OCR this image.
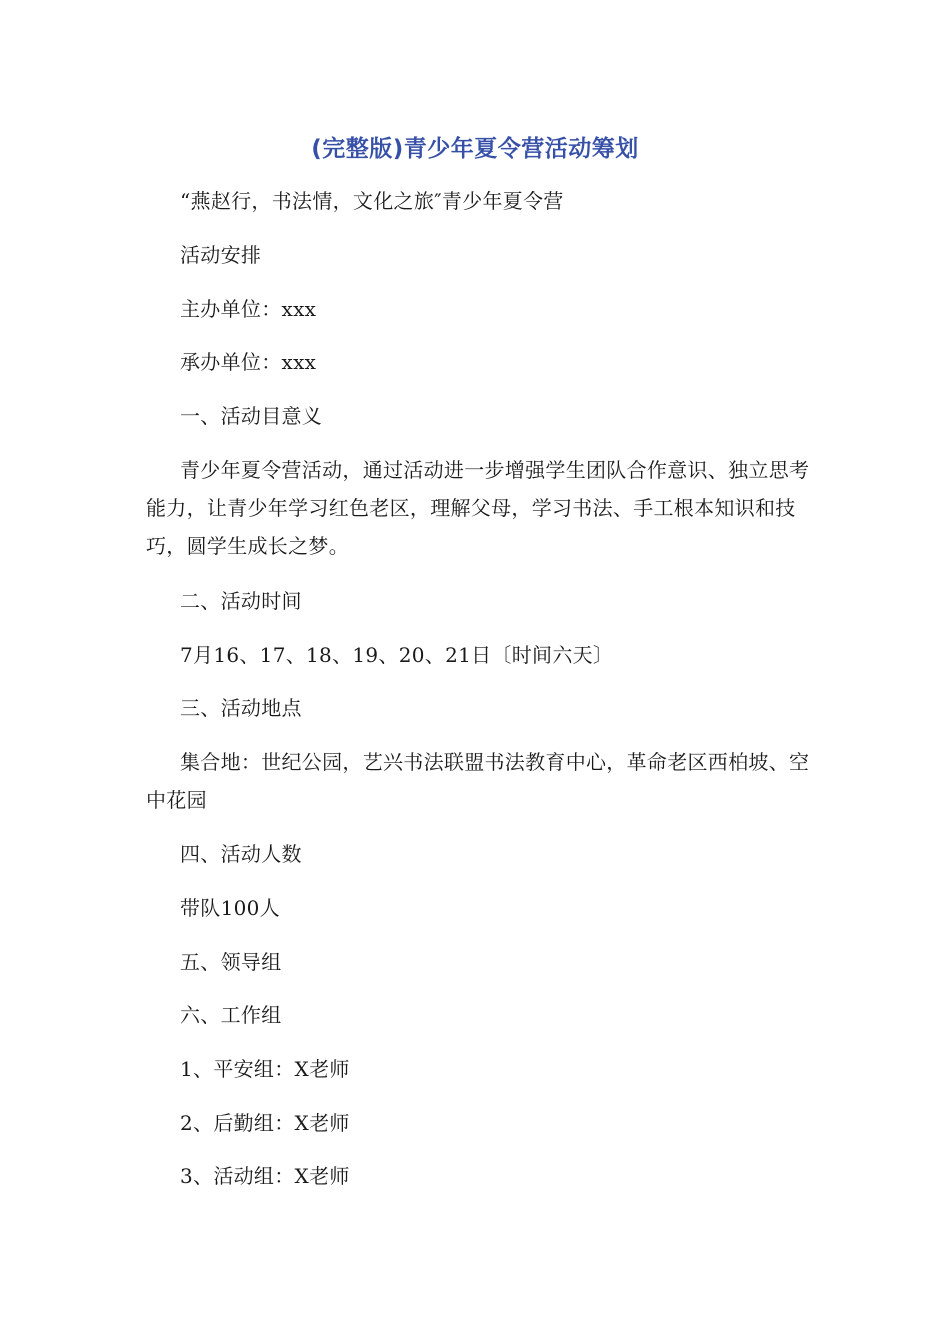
(完整版)青少年夏令营活动筹划
“燕赵行，书法情，文化之旅″青少年夏令营
活动安排
主办单位：xxx
承办单位：xxx
一、活动目意义
青少年夏令营活动，通过活动进一步增强学生团队合作意识、独立思考能力，让青少年学习红色老区，理解父母，学习书法、手工根本知识和技巧，圆学生成长之梦。
二、活动时间
7月16、17、18、19、20、21日〔时间六天〕
三、活动地点
集合地：世纪公园，艺兴书法联盟书法教育中心，革命老区西柏坡、空中花园
四、活动人数
带队100人
五、领导组
六、工作组
1、平安组：X老师
2、后勤组：X老师
3、活动组：X老师
